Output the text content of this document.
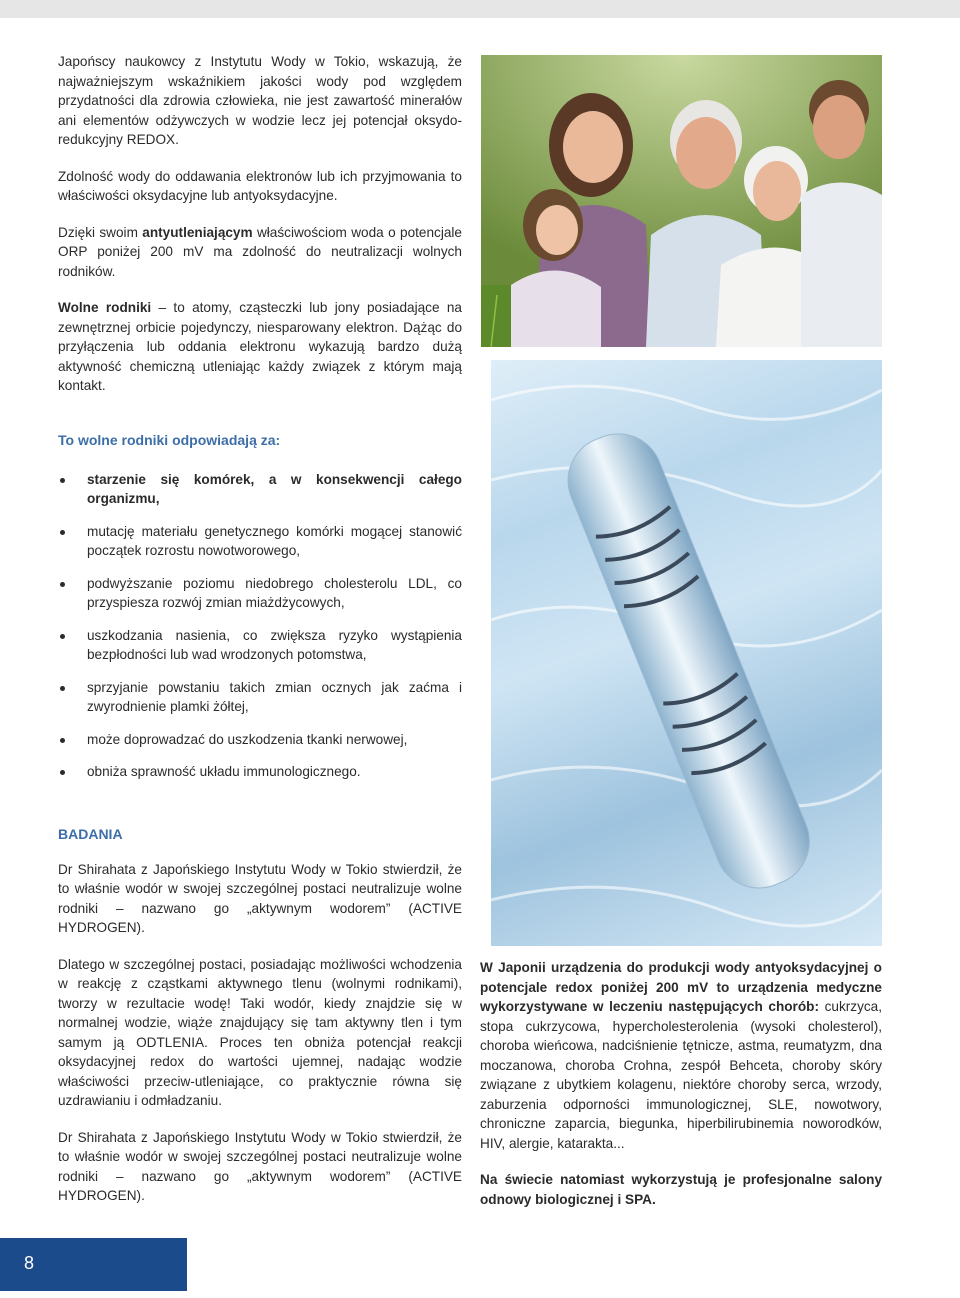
Japońscy naukowcy z Instytutu Wody w Tokio, wskazują, że najważniejszym wskaźnikiem jakości wody pod względem przydatności dla zdrowia człowieka, nie jest zawartość minerałów ani elementów odżywczych w wodzie lecz jej potencjał oksydo-redukcyjny REDOX.

Zdolność wody do oddawania elektronów lub ich przyjmowania to właściwości oksydacyjne lub antyoksydacyjne.

Dzięki swoim antyutleniającym właściwościom woda o potencjale ORP poniżej 200 mV ma zdolność do neutralizacji wolnych rodników.

Wolne rodniki – to atomy, cząsteczki lub jony posiadające na zewnętrznej orbicie pojedynczy, niesparowany elektron. Dążąc do przyłączenia lub oddania elektronu wykazują bardzo dużą aktywność chemiczną utleniając każdy związek z którym mają kontakt.

To wolne rodniki odpowiadają za:
starzenie się komórek, a w konsekwencji całego organizmu,
mutację materiału genetycznego komórki mogącej stanowić początek rozrostu nowotworowego,
podwyższanie poziomu niedobrego cholesterolu LDL, co przyspiesza rozwój zmian miażdżycowych,
uszkodzania nasienia, co zwiększa ryzyko wystąpienia bezpłodności lub wad wrodzonych potomstwa,
sprzyjanie powstaniu takich zmian ocznych jak zaćma i zwyrodnienie plamki żółtej,
może doprowadzać do uszkodzenia tkanki nerwowej,
obniża sprawność układu immunologicznego.
BADANIA

Dr Shirahata z Japońskiego Instytutu Wody w Tokio stwierdził, że to właśnie wodór w swojej szczególnej postaci neutralizuje wolne rodniki – nazwano go „aktywnym wodorem” (ACTIVE HYDROGEN).

Dlatego w szczególnej postaci, posiadając możliwości wchodzenia w reakcję z cząstkami aktywnego tlenu (wolnymi rodnikami), tworzy w rezultacie wodę! Taki wodór, kiedy znajdzie się w normalnej wodzie, wiąże znajdujący się tam aktywny tlen i tym samym ją ODTLENIA. Proces ten obniża potencjał reakcji oksydacyjnej redox do wartości ujemnej, nadając wodzie właściwości przeciw-utleniające, co praktycznie równa się uzdrawianiu i odmładzaniu.

Dr Shirahata z Japońskiego Instytutu Wody w Tokio stwierdził, że to właśnie wodór w swojej szczególnej postaci neutralizuje wolne rodniki – nazwano go „aktywnym wodorem” (ACTIVE HYDROGEN).

W Japonii urządzenia do produkcji wody antyoksydacyjnej o potencjale redox poniżej 200 mV to urządzenia medyczne wykorzystywane w leczeniu następujących chorób: cukrzyca, stopa cukrzycowa, hypercholesterolenia (wysoki cholesterol), choroba wieńcowa, nadciśnienie tętnicze, astma, reumatyzm, dna moczanowa, choroba Crohna, zespół Behceta, choroby skóry związane z ubytkiem kolagenu, niektóre choroby serca, wrzody, zaburzenia odporności immunologicznej, SLE, nowotwory, chroniczne zaparcia, biegunka, hiperbilirubinemia noworodków, HIV, alergie, katarakta...

Na świecie natomiast wykorzystują je profesjonalne salony odnowy biologicznej i SPA.

8
